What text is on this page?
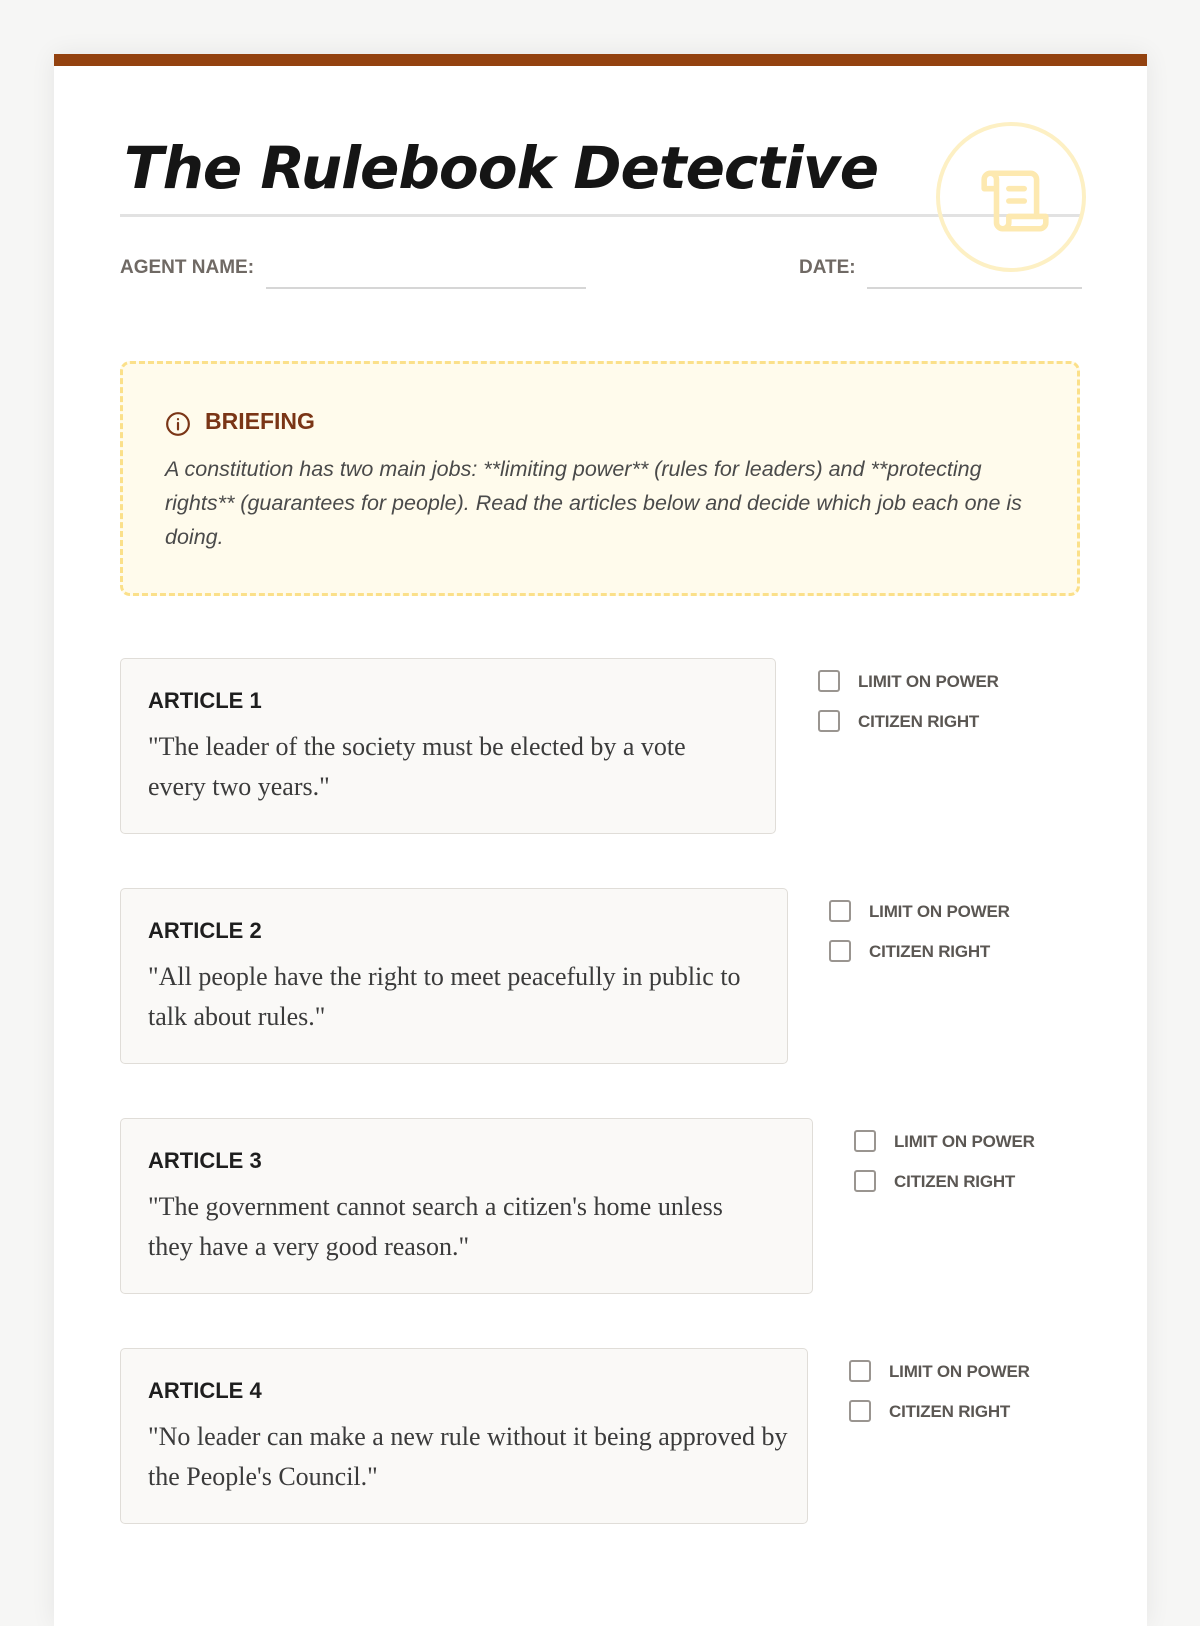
The Rulebook Detective
AGENT NAME:	DATE:
BRIEFING

A constitution has two main jobs: **limiting power** (rules for leaders) and **protecting rights** (guarantees for people). Read the articles below and decide which job each one is doing.

ARTICLE 1

"The leader of the society must be elected by a vote every two years."

LIMIT ON POWER
CITIZEN RIGHT
ARTICLE 2

"All people have the right to meet peacefully in public to talk about rules."

LIMIT ON POWER
CITIZEN RIGHT
ARTICLE 3

"The government cannot search a citizen's home unless they have a very good reason."

LIMIT ON POWER
CITIZEN RIGHT
ARTICLE 4

"No leader can make a new rule without it being approved by the People's Council."

LIMIT ON POWER
CITIZEN RIGHT
